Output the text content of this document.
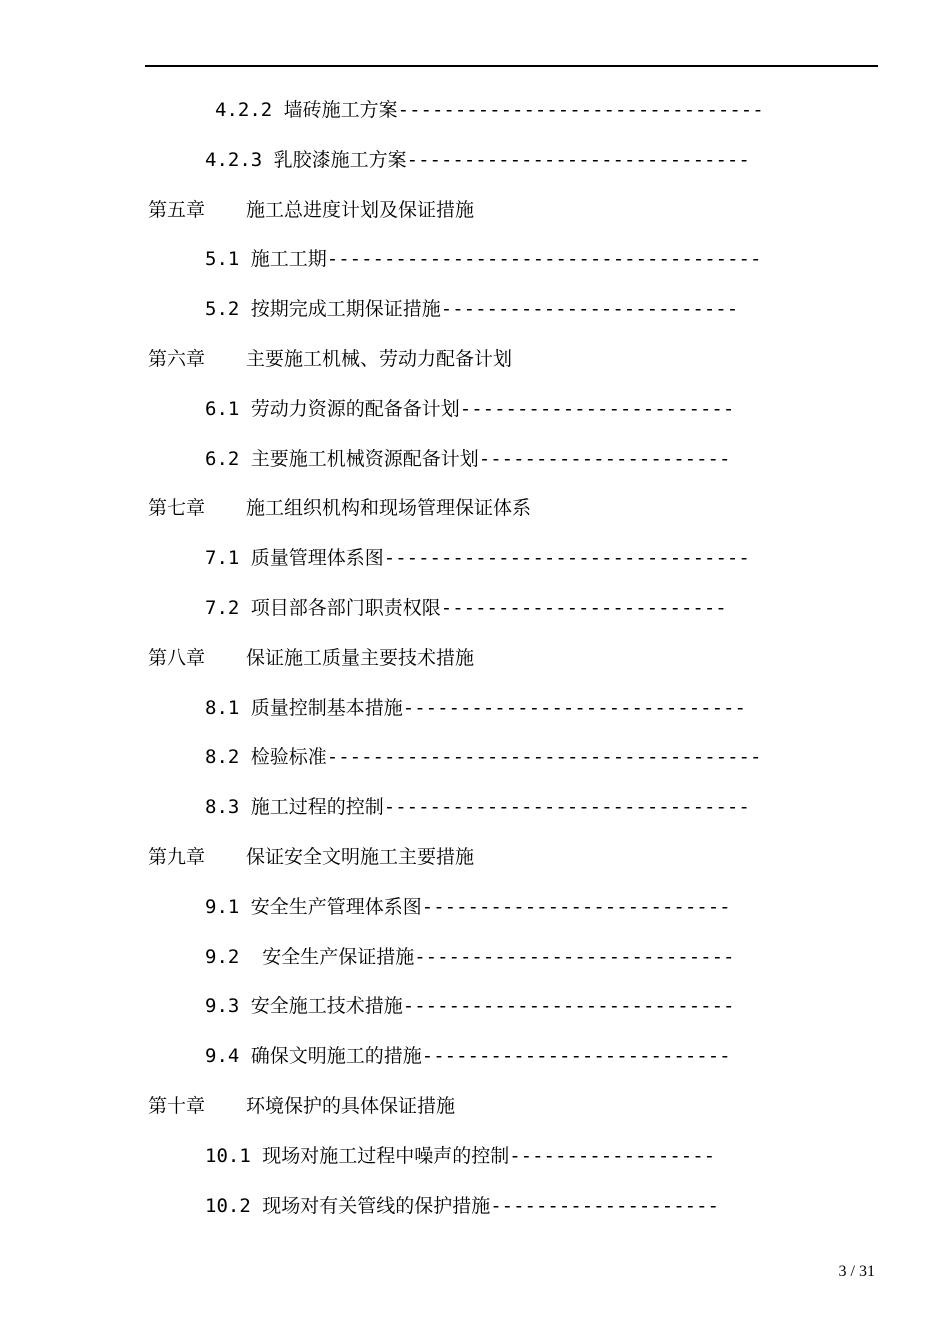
4.2.2 墙砖施工方案--------------------------------
4.2.3 乳胶漆施工方案------------------------------
第五章 施工总进度计划及保证措施
5.1 施工工期--------------------------------------
5.2 按期完成工期保证措施--------------------------
第六章 主要施工机械、劳动力配备计划
6.1 劳动力资源的配备备计划------------------------
6.2 主要施工机械资源配备计划----------------------
第七章 施工组织机构和现场管理保证体系
7.1 质量管理体系图--------------------------------
7.2 项目部各部门职责权限-------------------------
第八章 保证施工质量主要技术措施
8.1 质量控制基本措施------------------------------
8.2 检验标准--------------------------------------
8.3 施工过程的控制--------------------------------
第九章 保证安全文明施工主要措施
9.1 安全生产管理体系图---------------------------
9.2  安全生产保证措施----------------------------
9.3 安全施工技术措施-----------------------------
9.4 确保文明施工的措施---------------------------
第十章 环境保护的具体保证措施
10.1 现场对施工过程中噪声的控制------------------
10.2 现场对有关管线的保护措施--------------------
3 / 31
